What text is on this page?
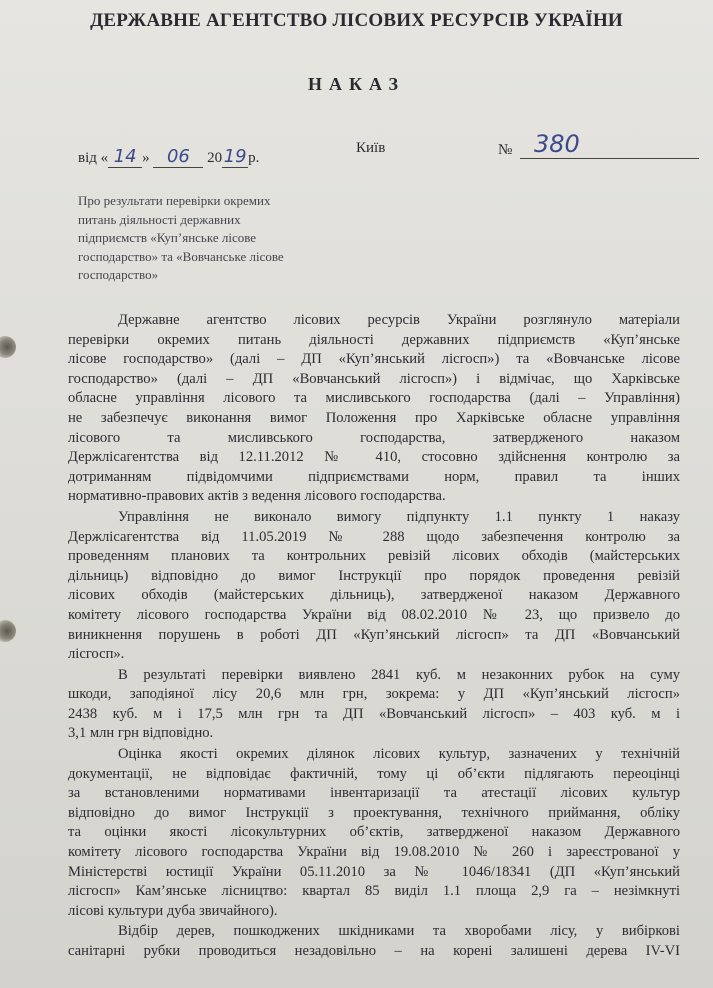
ДЕРЖАВНЕ АГЕНТСТВО ЛІСОВИХ РЕСУРСІВ УКРАЇНИ
НАКАЗ
від « 14 » 06 2019 р.
Київ	№ 380
Про результати перевірки окремих
питань діяльності державних
підприємств «Куп’янське лісове
господарство» та «Вовчанське лісове
господарство»
Державне агентство лісових ресурсів України розглянуло матеріали
перевірки окремих питань діяльності державних підприємств «Куп’янське
лісове господарство» (далі – ДП «Куп’янський лісгосп») та «Вовчанське лісове
господарство» (далі – ДП «Вовчанський лісгосп») і відмічає, що Харківське
обласне управління лісового та мисливського господарства (далі – Управління)
не забезпечує виконання вимог Положення про Харківське обласне управління
лісового та мисливського господарства, затвердженого наказом
Держлісагентства від 12.11.2012 № 410, стосовно здійснення контролю за
дотриманням підвідомчими підприємствами норм, правил та інших
нормативно-правових актів з ведення лісового господарства.
Управління не виконало вимогу підпункту 1.1 пункту 1 наказу
Держлісагентства від 11.05.2019 № 288 щодо забезпечення контролю за
проведенням планових та контрольних ревізій лісових обходів (майстерських
дільниць) відповідно до вимог Інструкції про порядок проведення ревізій
лісових обходів (майстерських дільниць), затвердженої наказом Державного
комітету лісового господарства України від 08.02.2010 № 23, що призвело до
виникнення порушень в роботі ДП «Куп’янський лісгосп» та ДП «Вовчанський
лісгосп».
В результаті перевірки виявлено 2841 куб. м незаконних рубок на суму
шкоди, заподіяної лісу 20,6 млн грн, зокрема: у ДП «Куп’янський лісгосп»
2438 куб. м і 17,5 млн грн та ДП «Вовчанський лісгосп» – 403 куб. м і
3,1 млн грн відповідно.
Оцінка якості окремих ділянок лісових культур, зазначених у технічній
документації, не відповідає фактичній, тому ці об’єкти підлягають переоцінці
за встановленими нормативами інвентаризації та атестації лісових культур
відповідно до вимог Інструкції з проектування, технічного приймання, обліку
та оцінки якості лісокультурних об’єктів, затвердженої наказом Державного
комітету лісового господарства України від 19.08.2010 № 260 і зареєстрованої у
Міністерстві юстиції України 05.11.2010 за № 1046/18341 (ДП «Куп’янський
лісгосп» Кам’янське лісництво: квартал 85 виділ 1.1 площа 2,9 га – незімкнуті
лісові культури дуба звичайного).
Відбір дерев, пошкоджених шкідниками та хворобами лісу, у вибіркові
санітарні рубки проводиться незадовільно – на корені залишені дерева IV-VI
